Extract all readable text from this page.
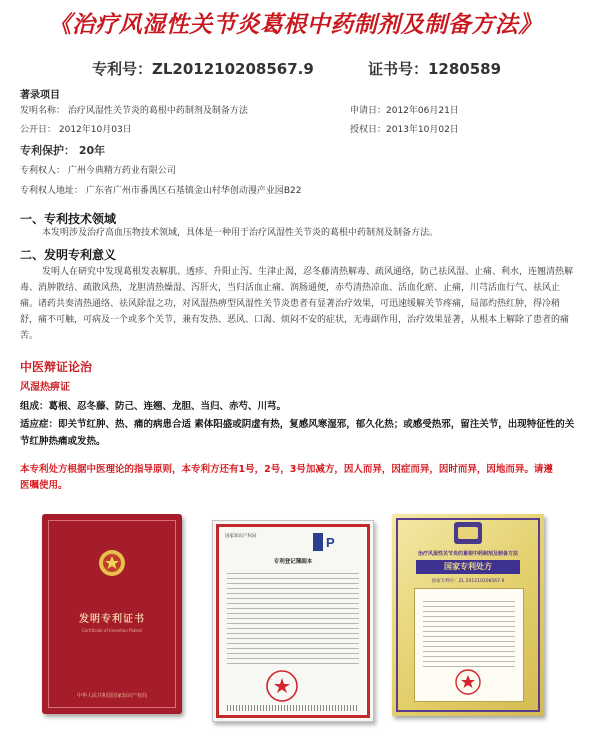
《治疗风湿性关节炎葛根中药制剂及制备方法》
专利号：ZL201210208567.9	证书号：1280589
著录项目
发明名称： 治疗风湿性关节炎的葛根中药制剂及制备方法	申请日：2012年06月21日
公开日： 2012年10月03日	授权日：2013年10月02日
专利保护： 20年
专利权人： 广州今典精方药业有限公司
专利权人地址： 广东省广州市番禺区石基镇金山村华创动漫产业园B22
一、专利技术领域
本发明涉及治疗高血压物技术领域，具体是一种用于治疗风湿性关节炎的葛根中药制剂及制备方法。
二、发明专利意义
发明人在研究中发现葛根发表解肌、透疹、升阳止泻、生津止渴，忍冬藤清热解毒、疏风通络，防己祛风湿、止痛、利水，连翘清热解毒、消肿散结、疏散风热，龙胆清热燥湿、泻肝火，当归活血止痛、润肠通便，赤芍清热凉血、活血化瘀、止痛，川芎活血行气、祛风止痛。诸药共奏清热通络、祛风除湿之功，对风湿热痹型风湿性关节炎患者有显著治疗效果，可迅速缓解关节疼痛，局部灼热红肿，得冷稍舒，痛不可触，可病及一个或多个关节，兼有发热、恶风、口渴、烦闷不安的症状，无毒副作用，治疗效果显著，从根本上解除了患者的痛苦。
中医辩证论治
风湿热痹证
组成：葛根、忍冬藤、防己、连翘、龙胆、当归、赤芍、川芎。
适应症：即关节红肿、热、痛的病患合适 素体阳盛或阴虚有热，复感风寒湿邪，郁久化热；或感受热邪，留注关节，出现特征性的关节红肿热痛或发热。
本专利处方根据中医理论的指导原则，本专利方还有1号，2号，3号加减方，因人而异，因症而异，因时而异，因地而异。请遵医嘱使用。
发明专利证书
Certificate of Invention Patent
中华人民共和国国家知识产权局
国家知识产权局	P
专利登记簿副本
治疗风湿性关节炎的葛根中药制剂及制备方法
国家专利处方
国家专利号：ZL 201210208567.9
